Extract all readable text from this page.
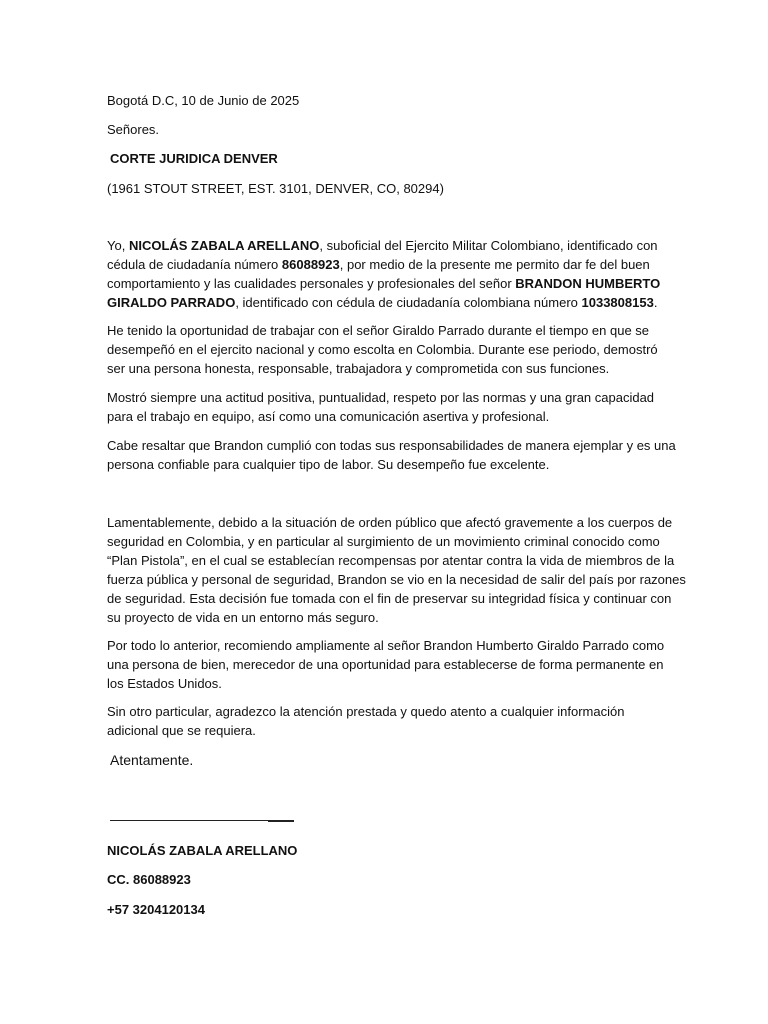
Bogotá D.C, 10 de Junio de 2025
Señores.
CORTE JURIDICA DENVER
(1961 STOUT STREET, EST. 3101, DENVER, CO, 80294)
Yo, NICOLÁS ZABALA ARELLANO, suboficial del Ejercito Militar Colombiano, identificado con
cédula de ciudadanía número 86088923, por medio de la presente me permito dar fe del buen
comportamiento y las cualidades personales y profesionales del señor BRANDON HUMBERTO
GIRALDO PARRADO, identificado con cédula de ciudadanía colombiana número 1033808153.
He tenido la oportunidad de trabajar con el señor Giraldo Parrado durante el tiempo en que se
desempeñó en el ejercito nacional y como escolta en Colombia. Durante ese periodo, demostró
ser una persona honesta, responsable, trabajadora y comprometida con sus funciones.
Mostró siempre una actitud positiva, puntualidad, respeto por las normas y una gran capacidad
para el trabajo en equipo, así como una comunicación asertiva y profesional.
Cabe resaltar que Brandon cumplió con todas sus responsabilidades de manera ejemplar y es una
persona confiable para cualquier tipo de labor. Su desempeño fue excelente.
Lamentablemente, debido a la situación de orden público que afectó gravemente a los cuerpos de
seguridad en Colombia, y en particular al surgimiento de un movimiento criminal conocido como
“Plan Pistola”, en el cual se establecían recompensas por atentar contra la vida de miembros de la
fuerza pública y personal de seguridad, Brandon se vio en la necesidad de salir del país por razones
de seguridad. Esta decisión fue tomada con el fin de preservar su integridad física y continuar con
su proyecto de vida en un entorno más seguro.
Por todo lo anterior, recomiendo ampliamente al señor Brandon Humberto Giraldo Parrado como
una persona de bien, merecedor de una oportunidad para establecerse de forma permanente en
los Estados Unidos.
Sin otro particular, agradezco la atención prestada y quedo atento a cualquier información
adicional que se requiera.
Atentamente.
NICOLÁS ZABALA ARELLANO
CC. 86088923
+57 3204120134
